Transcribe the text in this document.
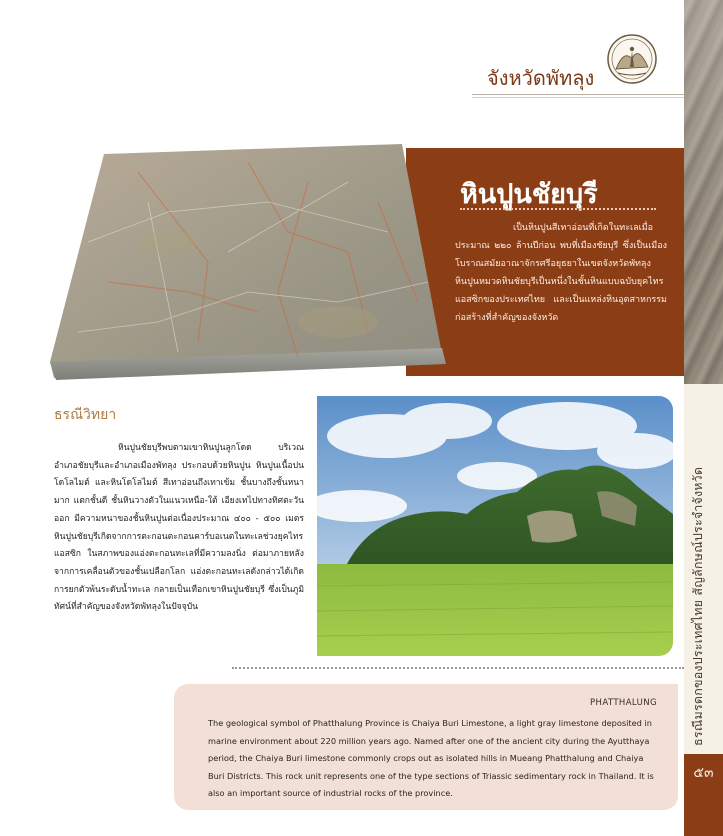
ธรณีมรดกของประเทศไทย สัญลักษณ์ประจำจังหวัด
๕๓
จังหวัดพัทลุง
หินปูนชัยบุรี
เป็นหินปูนสีเทาอ่อนที่เกิดในทะเลเมื่อประมาณ ๒๒๐ ล้านปีก่อน พบที่เมืองชัยบุรี ซึ่งเป็นเมืองโบราณสมัยอาณาจักรศรีอยุธยาในเขตจังหวัดพัทลุง หินปูนหมวดหินชัยบุรีเป็นหนึ่งในชั้นหินแบบฉบับยุคไทรแอสซิกของประเทศไทย และเป็นแหล่งหินอุตสาหกรรมก่อสร้างที่สำคัญของจังหวัด
ธรณีวิทยา
หินปูนชัยบุรีพบตามเขาหินปูนลูกโดด บริเวณอำเภอชัยบุรีและอำเภอเมืองพัทลุง ประกอบด้วยหินปูน หินปูนเนื้อปนโดโลไมต์ และหินโดโลไมต์ สีเทาอ่อนถึงเทาเข้ม ชั้นบางถึงชั้นหนามาก แตกชั้นดี ชั้นหินวางตัวในแนวเหนือ-ใต้ เอียงเทไปทางทิศตะวันออก มีความหนาของชั้นหินปูนต่อเนื่องประมาณ ๔๐๐ - ๕๐๐ เมตร หินปูนชัยบุรีเกิดจากการตะกอนตะกอนคาร์บอเนตในทะเลช่วงยุคไทรแอสซิก ในสภาพของแอ่งตะกอนทะเลที่มีความลงนิ่ง ต่อมาภายหลังจากการเคลื่อนตัวของชั้นเปลือกโลก แอ่งตะกอนทะเลดังกล่าวได้เกิดการยกตัวพ้นระดับน้ำทะเล กลายเป็นเทือกเขาหินปูนชัยบุรี ซึ่งเป็นภูมิทัศน์ที่สำคัญของจังหวัดพัทลุงในปัจจุบัน
PHATTHALUNG
The geological symbol of Phatthalung Province is Chaiya Buri Limestone, a light gray limestone deposited in marine environment about 220 million years ago. Named after one of the ancient city during the Ayutthaya period, the Chaiya Buri limestone commonly crops out as isolated hills in Mueang Phatthalung and Chaiya Buri Districts. This rock unit represents one of the type sections of Triassic sedimentary rock in Thailand. It is also an important source of industrial rocks of the province.
